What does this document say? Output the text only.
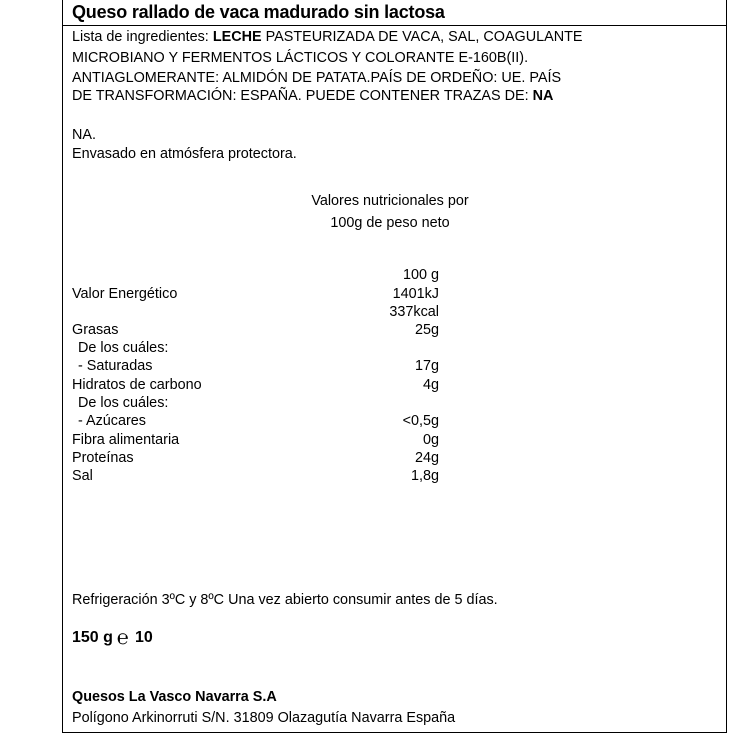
Queso rallado de vaca madurado sin lactosa
Lista de ingredientes: LECHE PASTEURIZADA DE VACA, SAL, COAGULANTE
MICROBIANO Y FERMENTOS LÁCTICOS Y COLORANTE E-160B(II).
ANTIAGLOMERANTE: ALMIDÓN DE PATATA.PAÍS DE ORDEÑO: UE. PAÍS
DE TRANSFORMACIÓN: ESPAÑA. PUEDE CONTENER TRAZAS DE: NA
NA.
Envasado en atmósfera protectora.
Valores nutricionales por
100g de peso neto
100 g
Valor Energético	1401kJ
337kcal
Grasas	25g
De los cuáles:
- Saturadas	17g
Hidratos de carbono	4g
De los cuáles:
- Azúcares	<0,5g
Fibra alimentaria	0g
Proteínas	24g
Sal	1,8g
Refrigeración 3ºC y 8ºC Una vez abierto consumir antes de 5 días.
150 g ℮ 10
Quesos La Vasco Navarra S.A
Polígono Arkinorruti S/N. 31809 Olazagutía Navarra España
